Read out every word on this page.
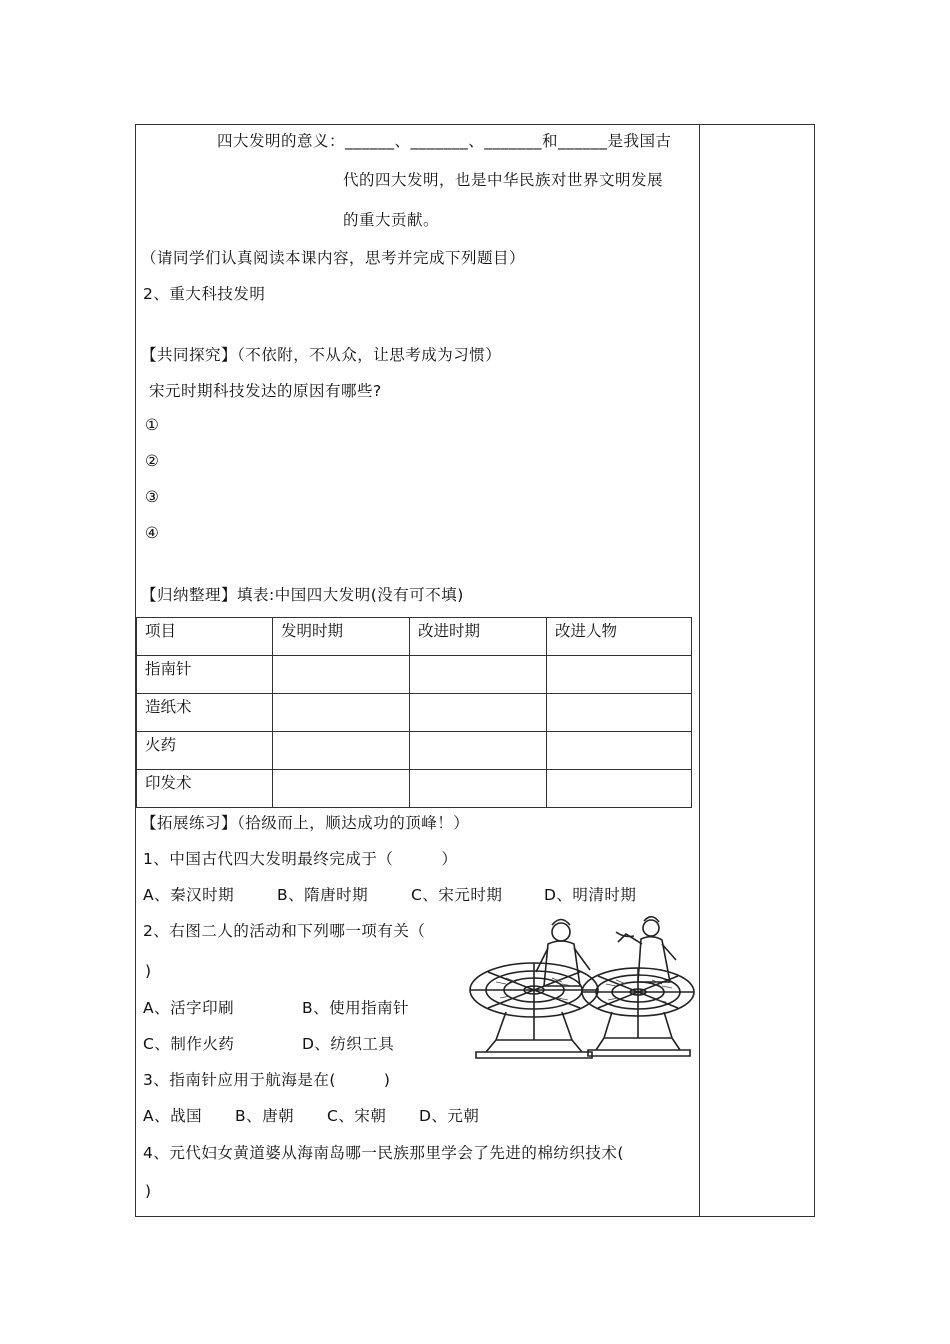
四大发明的意义：______、_______、_______和______是我国古
代的四大发明，也是中华民族对世界文明发展
的重大贡献。
（请同学们认真阅读本课内容，思考并完成下列题目）
2、重大科技发明
【共同探究】（不依附，不从众，让思考成为习惯）
宋元时期科技发达的原因有哪些?
①
②
③
④
【归纳整理】填表:中国四大发明(没有可不填)
项目	发明时期	改进时期	改进人物
指南针			
造纸术			
火药			
印发术			
【拓展练习】（拾级而上，顺达成功的顶峰！）
1、中国古代四大发明最终完成于（　　　）
A、秦汉时期	B、隋唐时期	C、宋元时期	D、明清时期
2、右图二人的活动和下列哪一项有关（
)
A、活字印刷	B、使用指南针
C、制作火药	D、纺织工具
3、指南针应用于航海是在(　　　)
A、战国 B、唐朝 C、宋朝 D、元朝
4、元代妇女黄道婆从海南岛哪一民族那里学会了先进的棉纺织技术(
)
